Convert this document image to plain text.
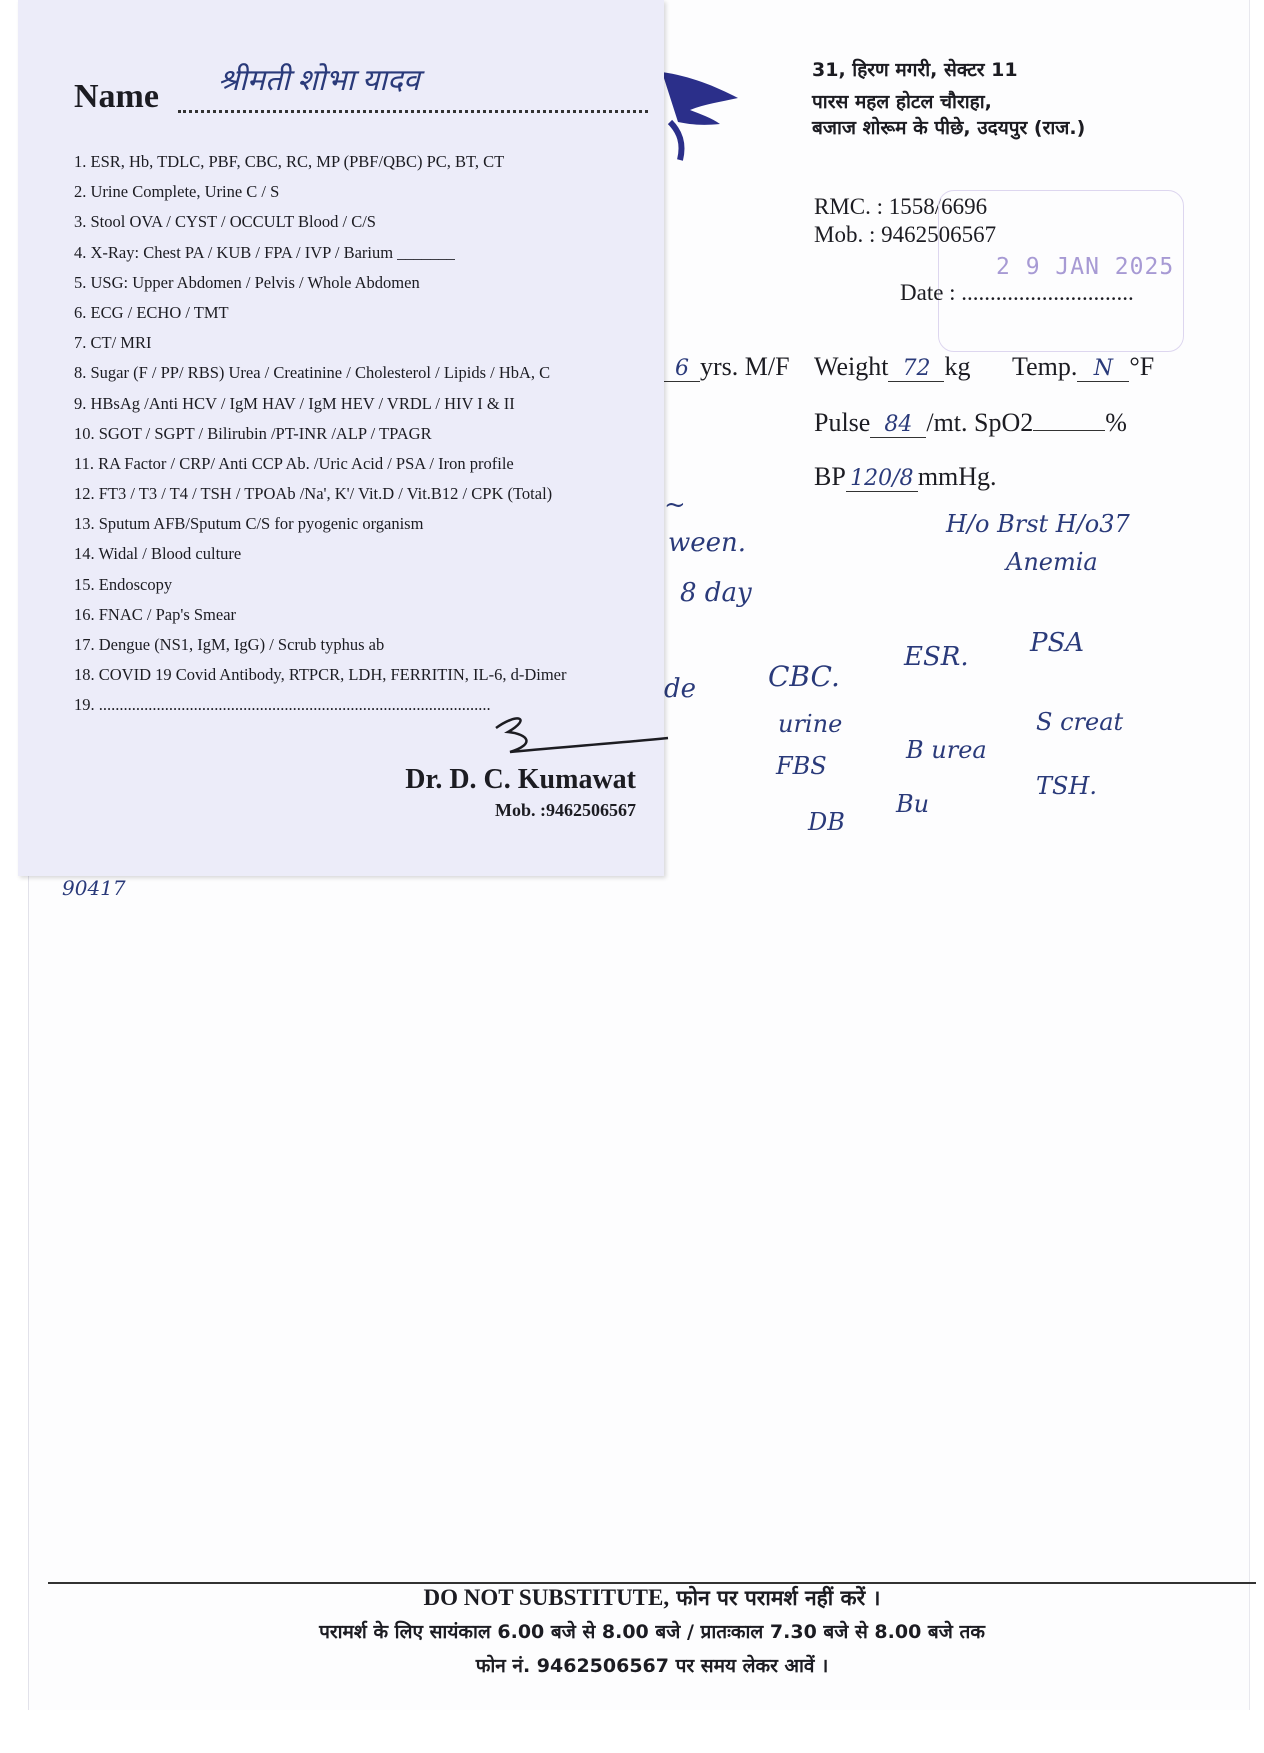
31, हिरण मगरी, सेक्टर 11
पारस महल होटल चौराहा,
बजाज शोरूम के पीछे, उदयपुर (राज.)
RMC. : 1558/6696
Mob. : 9462506567
2 9 JAN 2025
Date : ..............................
6 yrs. M/F Weight 72 kg Temp. N °F
Pulse 84 /mt. SpO2	%
BP 120/8 mmHg.
H/o Brst H/o37
Anemia
ween.
8 day
de
~
CBC.
ESR. PSA
urine
FBS
B urea
S creat
DB
Bu
TSH.
Name श्रीमती शोभा यादव
1. ESR, Hb, TDLC, PBF, CBC, RC, MP (PBF/QBC) PC, BT, CT
2. Urine Complete, Urine C / S
3. Stool OVA / CYST / OCCULT Blood / C/S
4. X-Ray: Chest PA / KUB / FPA / IVP / Barium _______
5. USG: Upper Abdomen / Pelvis / Whole Abdomen
6. ECG / ECHO / TMT
7. CT/ MRI
8. Sugar (F / PP/ RBS) Urea / Creatinine / Cholesterol / Lipids / HbA, C
9. HBsAg /Anti HCV / IgM HAV / IgM HEV / VRDL / HIV I & II
10. SGOT / SGPT / Bilirubin /PT-INR /ALP / TPAGR
11. RA Factor / CRP/ Anti CCP Ab. /Uric Acid / PSA / Iron profile
12. FT3 / T3 / T4 / TSH / TPOAb /Na', K'/ Vit.D / Vit.B12 / CPK (Total)
13. Sputum AFB/Sputum C/S for pyogenic organism
14. Widal / Blood culture
15. Endoscopy
16. FNAC / Pap's Smear
17. Dengue (NS1, IgM, IgG) / Scrub typhus ab
18. COVID 19 Covid Antibody, RTPCR, LDH, FERRITIN, IL-6, d-Dimer
19. ...............................................................................................
Dr. D. C. Kumawat
Mob. :9462506567
90417
DO NOT SUBSTITUTE, फोन पर परामर्श नहीं करें ।
परामर्श के लिए सायंकाल 6.00 बजे से 8.00 बजे / प्रातःकाल 7.30 बजे से 8.00 बजे तक
फोन नं. 9462506567 पर समय लेकर आवें ।
